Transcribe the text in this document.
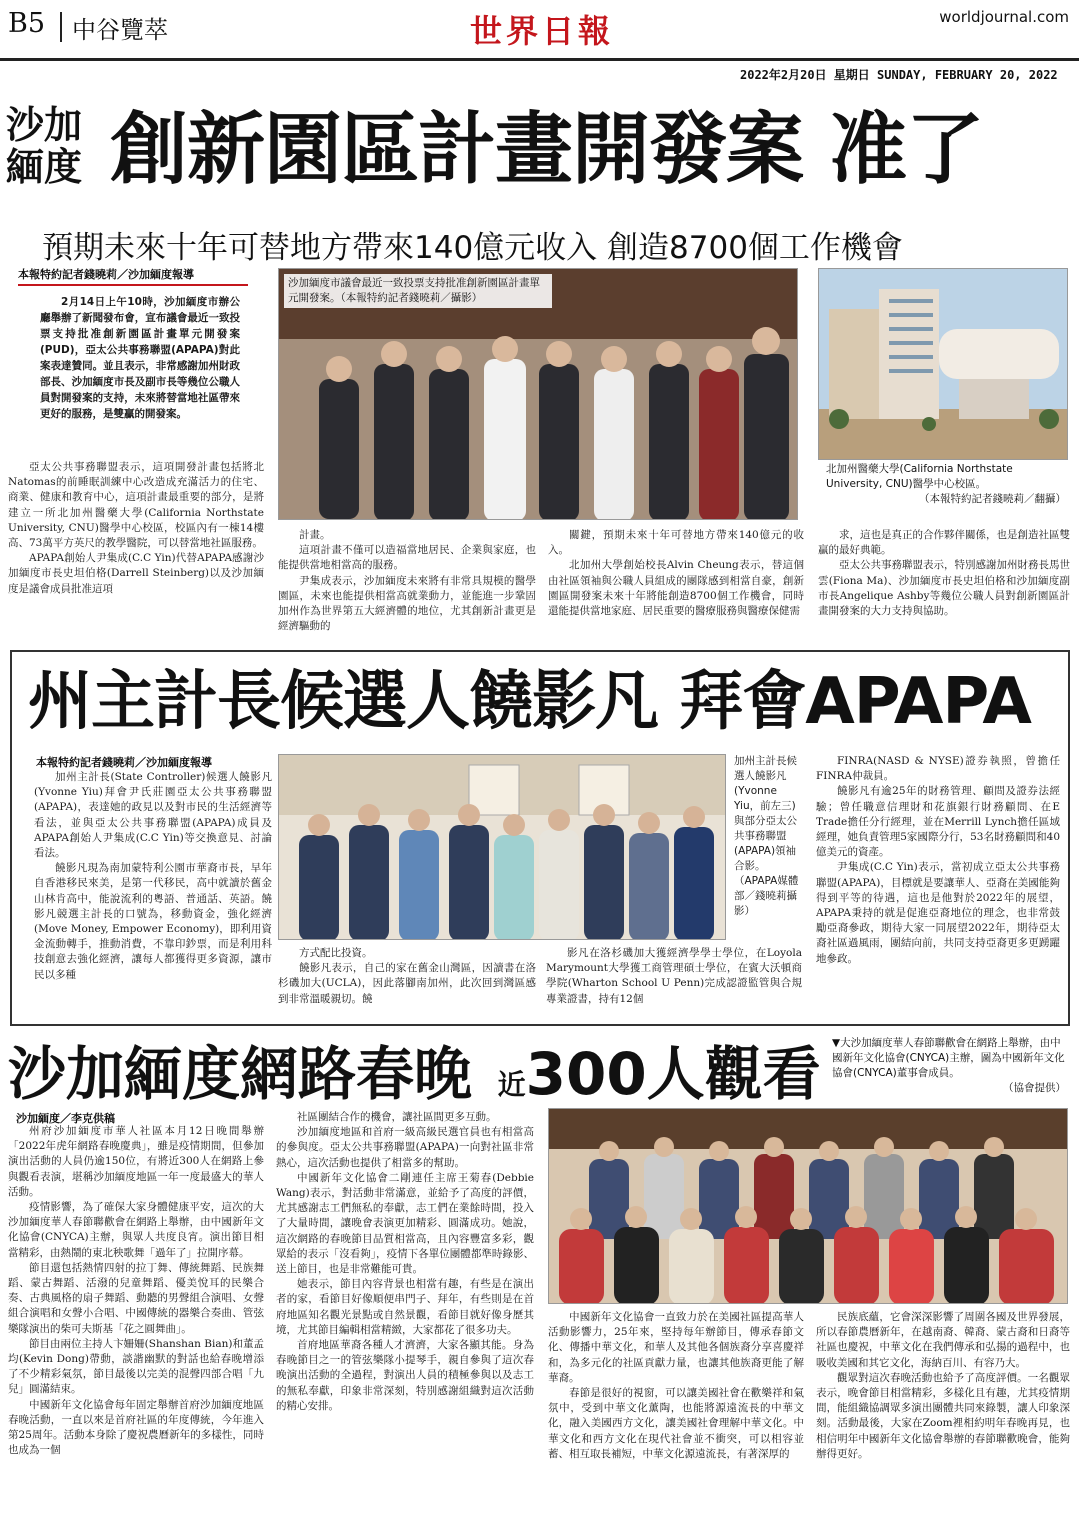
B5 中谷覽萃	世界日報	worldjournal.com
2022年2月20日 星期日 SUNDAY, FEBRUARY 20, 2022
沙加
緬度 創新園區計畫開發案 准了
預期未來十年可替地方帶來140億元收入 創造8700個工作機會
本報特約記者錢曉莉／沙加緬度報導

2月14日上午10時，沙加緬度市辦公廳舉辦了新聞發布會，宣布議會最近一致投票支持批准創新園區計畫單元開發案(PUD)，亞太公共事務聯盟(APAPA)對此案表達贊同。並且表示，非常感謝加州財政部長、沙加緬度市長及副市長等幾位公職人員對開發案的支持，未來將替當地社區帶來更好的服務，是雙贏的開發案。

亞太公共事務聯盟表示，這項開發計畫包括將北Natomas的前睡眠訓練中心改造成充滿活力的住宅、商業、健康和教育中心，這項計畫最重要的部分，是將建立一所北加州醫藥大學(California Northstate University, CNU)醫學中心校區，校區內有一棟14樓高、73萬平方英尺的教學醫院，可以替當地社區服務。

APAPA創始人尹集成(C.C Yin)代替APAPA感謝沙加緬度市長史坦伯格(Darrell Steinberg)以及沙加緬度是議會成員批准這項

沙加緬度市議會最近一致投票支持批准創新園區計畫單元開發案。（本報特約記者錢曉莉／攝影）
北加州醫藥大學(California Northstate University, CNU)醫學中心校區。
（本報特約記者錢曉莉／翻攝）

計畫。

這項計畫不僅可以造福當地居民、企業與家庭，也能提供當地相當高的服務。

尹集成表示，沙加緬度未來將有非常具規模的醫學園區，未來也能提供相當高就業動力，並能進一步鞏固加州作為世界第五大經濟體的地位，尤其創新計畫更是經濟驅動的

關鍵，預期未來十年可替地方帶來140億元的收入。

北加州大學創始校長Alvin Cheung表示，替這個由社區領袖與公職人員組成的團隊感到相當自豪，創新園區開發案未來十年將能創造8700個工作機會，同時還能提供當地家庭、居民重要的醫療服務與醫療保健需

求，這也是真正的合作夥伴關係，也是創造社區雙贏的最好典範。

亞太公共事務聯盟表示，特別感謝加州財務長馬世雲(Fiona Ma)、沙加緬度市長史坦伯格和沙加緬度副市長Angelique Ashby等幾位公職人員對創新園區計畫開發案的大力支持與協助。

州主計長候選人饒影凡 拜會APAPA
本報特約記者錢曉莉／沙加緬度報導

加州主計長(State Controller)候選人饒影凡(Yvonne Yiu)拜會尹氏莊園亞太公共事務聯盟(APAPA)，表達她的政見以及對市民的生活經濟等看法，並與亞太公共事務聯盟(APAPA)成員及APAPA創始人尹集成(C.C Yin)等交換意見、討論看法。

饒影凡現為南加蒙特利公園市華裔市長，早年自香港移民來美，是第一代移民，高中就讀於舊金山林肯高中，能說流利的粵語、普通話、英語。饒影凡競選主計長的口號為，移動資金，強化經濟(Move Money, Empower Economy)，即利用資金流動轉手，推動消費，不靠印鈔票，而是利用科技創意去強化經濟，讓每人都獲得更多資源，讓市民以多種

加州主計長候選人饒影凡(Yvonne Yiu，前左三)與部分亞太公共事務聯盟(APAPA)領袖合影。（APAPA媒體部／錢曉莉攝影）

方式配比投資。

饒影凡表示，自己的家在舊金山灣區，因讀書在洛杉磯加大(UCLA)，因此落腳南加州，此次回到灣區感到非常溫暖親切。饒

影凡在洛杉磯加大獲經濟學學士學位，在Loyola Marymount大學獲工商管理碩士學位，在賓大沃頓商學院(Wharton School U Penn)完成認證監管與合規專業證書，持有12個

FINRA(NASD & NYSE)證券執照，曾擔任FINRA仲裁員。

饒影凡有逾25年的財務管理、顧問及證券法經驗；曾任職意信理財和花旗銀行財務顧問、在E Trade擔任分行經理，並在Merrill Lynch擔任區域經理，她負責管理5家國際分行，53名財務顧問和40億美元的資產。

尹集成(C.C Yin)表示，當初成立亞太公共事務聯盟(APAPA)，目標就是要讓華人、亞裔在美國能夠得到平等的待遇，這也是他對於2022年的展望，APAPA秉持的就是促進亞裔地位的理念，也非常鼓勵亞裔參政，期待大家一同展望2022年，期待亞太裔社區過風雨，團結向前，共同支持亞裔更多更踴躍地參政。

沙加緬度網路春晚 近300人觀看 ▼大沙加緬度華人春節聯歡會在網路上舉辦，由中國新年文化協會(CNYCA)主辦，圖為中國新年文化協會(CNYCA)董事會成員。
（協會提供）
沙加緬度／李克供稿

州府沙加緬度市華人社區本月12日晚間舉辦「2022年虎年網路春晚慶典」，雖是疫情期間，但參加演出活動的人員仍逾150位，有將近300人在網路上參與觀看表演，堪稱沙加緬度地區一年一度最盛大的華人活動。

疫情影響，為了確保大家身體健康平安，這次的大沙加緬度華人春節聯歡會在網路上舉辦，由中國新年文化協會(CNYCA)主辦，與眾人共度良宵。演出節目相當精彩，由熱鬧的東北秧歌舞「過年了」拉開序幕。

節目還包括熱情四射的拉丁舞、傳統舞蹈、民族舞蹈、蒙古舞蹈、活潑的兒童舞蹈、優美悅耳的民樂合奏、古典風格的扇子舞蹈、動聽的男聲組合演唱、女聲組合演唱和女聲小合唱、中國傳統的器樂合奏曲、管弦樂隊演出的柴可夫斯基「花之圓舞曲」。

節目由兩位主持人卞姍姍(Shanshan Bian)和董孟均(Kevin Dong)帶動，談諧幽默的對話也給春晚增添了不少精彩氣氛，節目最後以完美的混聲四部合唱「九兒」圓滿結束。

中國新年文化協會每年固定舉辦首府沙加緬度地區春晚活動，一直以來是首府社區的年度傳統，今年進入第25周年。活動本身除了慶祝農曆新年的多樣性，同時也成為一個

社區團結合作的機會，讓社區間更多互動。

沙加緬度地區和首府一級高級民選官員也有相當高的參與度。亞太公共事務聯盟(APAPA)一向對社區非常熱心，這次活動也提供了相當多的幫助。

中國新年文化協會二剛連任主席王菊春(Debbie Wang)表示，對活動非常滿意，並給予了高度的評價，尤其感謝志工們無私的奉獻，志工們在業餘時間，投入了大量時間，讓晚會表演更加精彩、圓滿成功。她說，這次網路的春晚節目品質相當高，且內容豐富多彩，觀眾給的表示「沒看夠」，疫情下各單位團體都準時錄影、送上節目，也是非常難能可貴。

她表示，節目內容背景也相當有趣，有些是在演出者的家，看節目好像順便串門子、拜年，有些則是在首府地區知名觀光景點或自然景觀，看節目就好像身歷其境，尤其節目編輯相當精緻，大家都花了很多功夫。

首府地區華裔各種人才濟濟，大家各顯其能。身為春晚節目之一的管弦樂隊小提琴手，親自參與了這次春晚演出活動的全過程，對演出人員的積極參與以及志工的無私奉獻，印象非常深刻，特別感謝組織對這次活動的精心安排。

中國新年文化協會一直致力於在美國社區提高華人活動影響力，25年來，堅持每年辦節目，傳承春節文化、傳播中華文化，和華人及其他各個族裔分享喜慶祥和，為多元化的社區貢獻力量，也讓其他族裔更能了解華裔。

春節是很好的視窗，可以讓美國社會在歡樂祥和氣氛中，受到中華文化薰陶，也能將源遠流長的中華文化，融入美國西方文化，讓美國社會理解中華文化。中華文化和西方文化在現代社會並不衝突，可以相容並蓄、相互取長補短，中華文化源遠流長，有著深厚的

民族底蘊，它會深深影響了周圍各國及世界發展，所以春節農曆新年，在越南裔、韓裔、蒙古裔和日裔等社區也慶祝，中華文化在我們傳承和弘揚的過程中，也吸收美國和其它文化，海納百川、有容乃大。

觀眾對這次春晚活動也給予了高度評價。一名觀眾表示，晚會節目相當精彩，多樣化且有趣，尤其疫情期間，能組織協調眾多演出團體共同來錄製，讓人印象深刻。活動最後，大家在Zoom裡相約明年春晚再見，也相信明年中國新年文化協會舉辦的春節聯歡晚會，能夠辦得更好。
